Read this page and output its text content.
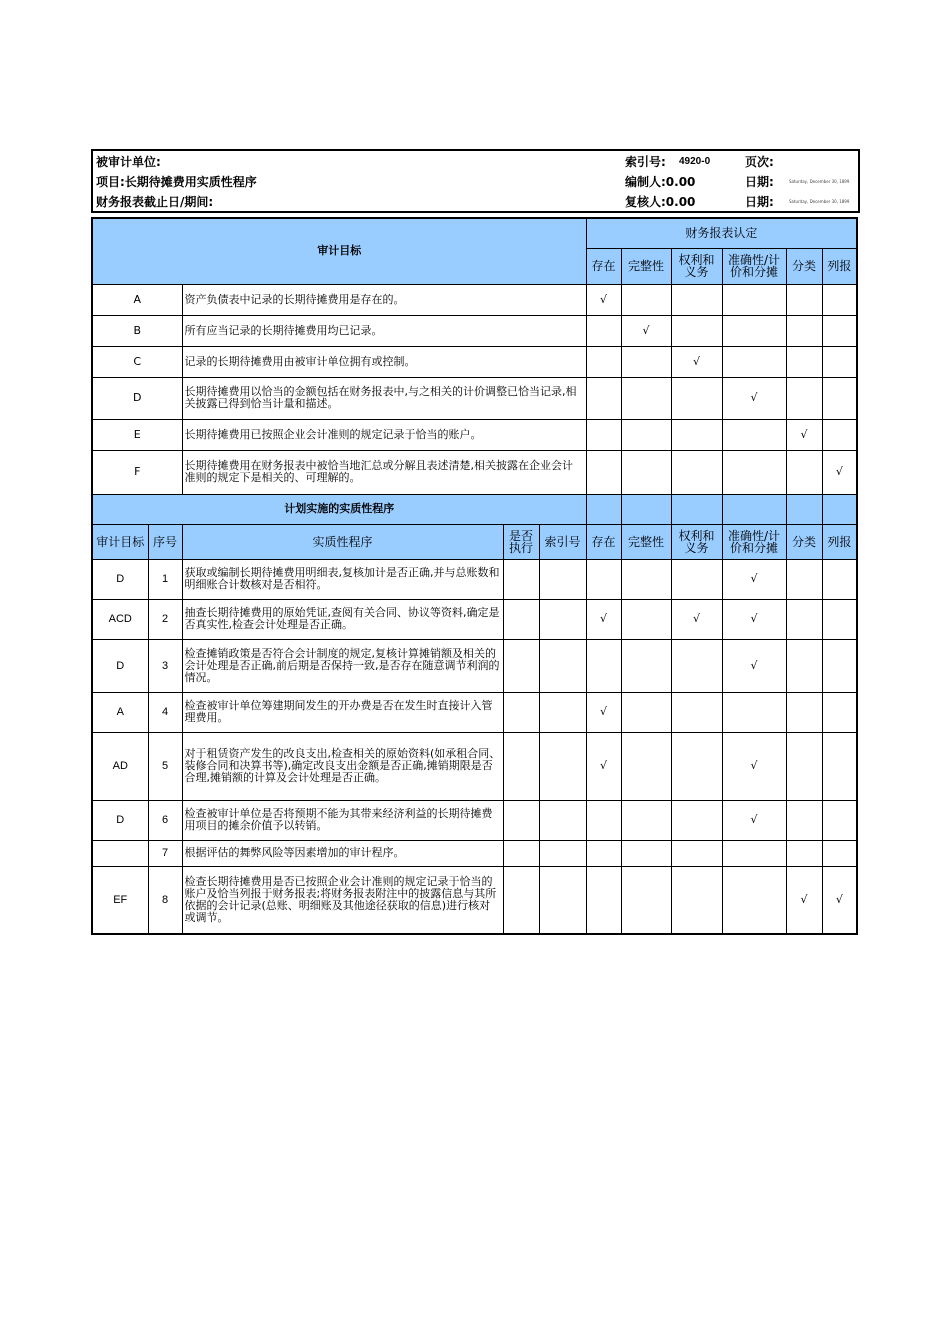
被审计单位:	索引号:	4920-0	页次:	
项目:长期待摊费用实质性程序	编制人:0.00		日期:	Saturday, December 30, 1899
财务报表截止日/期间:	复核人:0.00		日期:	Saturday, December 30, 1899
审计目标					财务报表认定					
					存在	完整性	权利和义务	准确性/计价和分摊	分类	列报
A		资产负债表中记录的长期待摊费用是存在的。			√					
B		所有应当记录的长期待摊费用均已记录。				√				
C		记录的长期待摊费用由被审计单位拥有或控制。					√			
D		长期待摊费用以恰当的金额包括在财务报表中,与之相关的计价调整已恰当记录,相关披露已得到恰当计量和描述。						√		
E		长期待摊费用已按照企业会计准则的规定记录于恰当的账户。							√	
F		长期待摊费用在财务报表中被恰当地汇总或分解且表述清楚,相关披露在企业会计准则的规定下是相关的、可理解的。								√
计划实施的实质性程序										
审计目标	序号	实质性程序	是否执行	索引号	存在	完整性	权利和义务	准确性/计价和分摊	分类	列报
D	1	获取或编制长期待摊费用明细表,复核加计是否正确,并与总账数和明细账合计数核对是否相符。						√		
ACD	2	抽查长期待摊费用的原始凭证,查阅有关合同、协议等资料,确定是否真实性,检查会计处理是否正确。			√		√	√		
D	3	检查摊销政策是否符合会计制度的规定,复核计算摊销额及相关的会计处理是否正确,前后期是否保持一致,是否存在随意调节利润的情况。						√		
A	4	检查被审计单位筹建期间发生的开办费是否在发生时直接计入管理费用。			√					
AD	5	对于租赁资产发生的改良支出,检查相关的原始资料(如承租合同、装修合同和决算书等),确定改良支出金额是否正确,摊销期限是否合理,摊销额的计算及会计处理是否正确。			√			√		
D	6	检查被审计单位是否将预期不能为其带来经济利益的长期待摊费用项目的摊余价值予以转销。						√		
	7	根据评估的舞弊风险等因素增加的审计程序。								
EF	8	检查长期待摊费用是否已按照企业会计准则的规定记录于恰当的账户及恰当列报于财务报表;将财务报表附注中的披露信息与其所依据的会计记录(总账、明细账及其他途径获取的信息)进行核对或调节。							√	√
